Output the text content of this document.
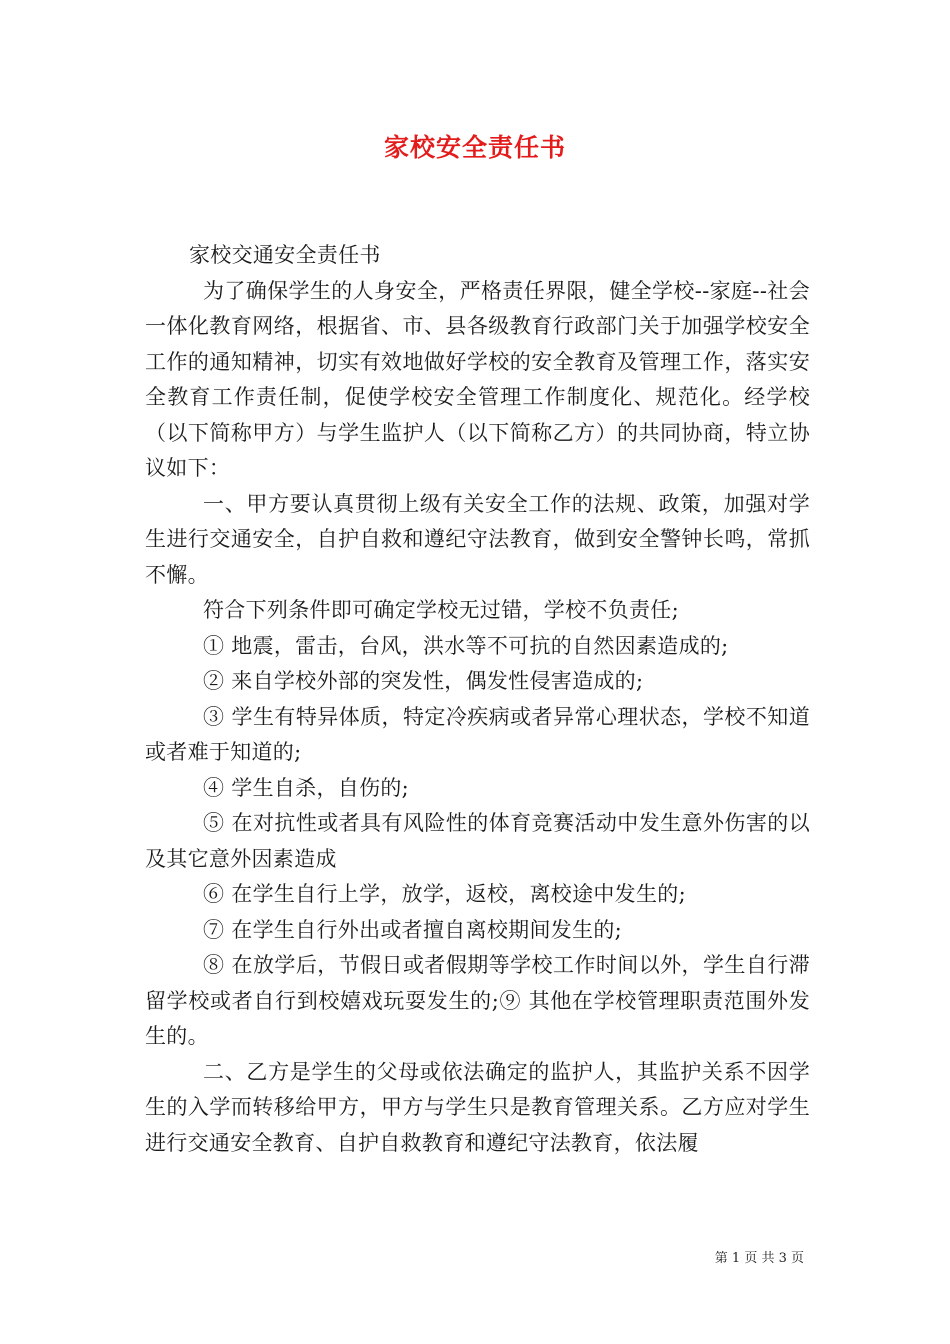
家校安全责任书

家校交通安全责任书

为了确保学生的人身安全，严格责任界限，健全学校--家庭--社会一体化教育网络，根据省、市、县各级教育行政部门关于加强学校安全工作的通知精神，切实有效地做好学校的安全教育及管理工作，落实安全教育工作责任制，促使学校安全管理工作制度化、规范化。经学校（以下简称甲方）与学生监护人（以下简称乙方）的共同协商，特立协议如下：

一、甲方要认真贯彻上级有关安全工作的法规、政策，加强对学生进行交通安全，自护自救和遵纪守法教育，做到安全警钟长鸣，常抓不懈。

符合下列条件即可确定学校无过错，学校不负责任;

① 地震，雷击，台风，洪水等不可抗的自然因素造成的;

② 来自学校外部的突发性，偶发性侵害造成的;

③ 学生有特异体质，特定冷疾病或者异常心理状态，学校不知道或者难于知道的;

④ 学生自杀，自伤的;

⑤ 在对抗性或者具有风险性的体育竞赛活动中发生意外伤害的以及其它意外因素造成

⑥ 在学生自行上学，放学，返校，离校途中发生的;

⑦ 在学生自行外出或者擅自离校期间发生的;

⑧ 在放学后，节假日或者假期等学校工作时间以外，学生自行滞留学校或者自行到校嬉戏玩耍发生的;⑨ 其他在学校管理职责范围外发生的。

二、乙方是学生的父母或依法确定的监护人，其监护关系不因学生的入学而转移给甲方，甲方与学生只是教育管理关系。乙方应对学生进行交通安全教育、自护自救教育和遵纪守法教育，依法履

第 1 页 共 3 页
